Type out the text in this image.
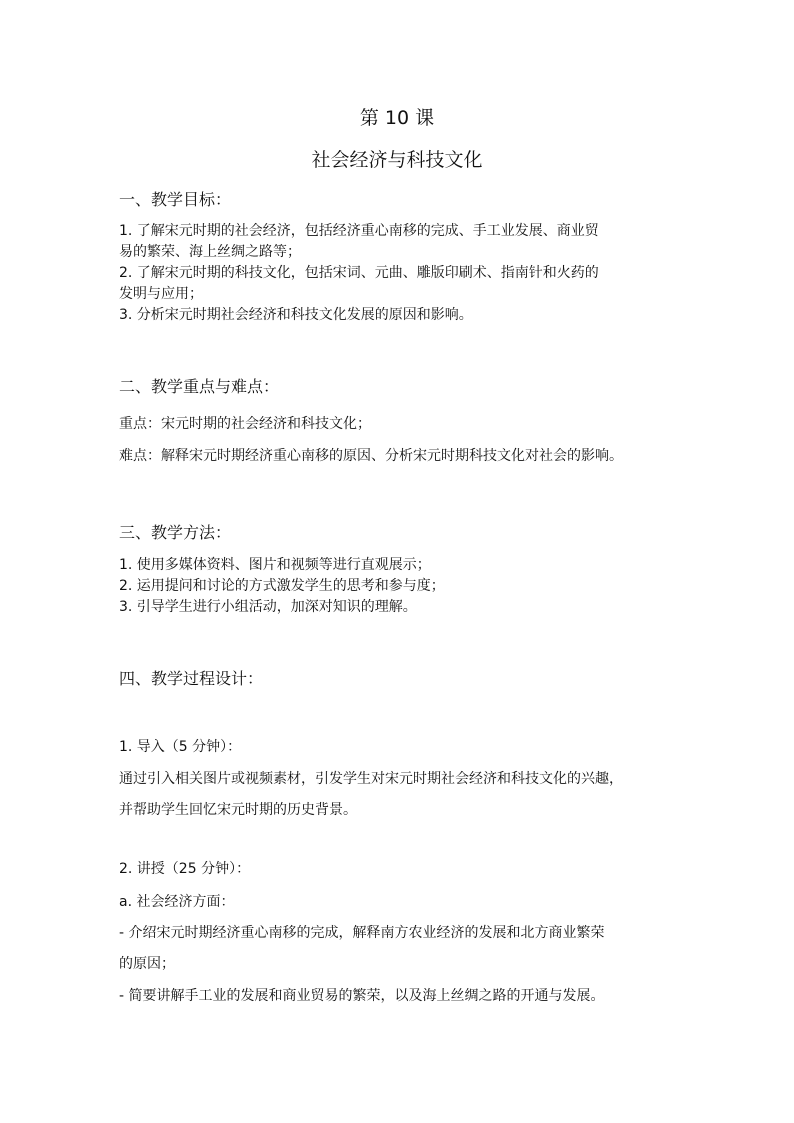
第 10 课
社会经济与科技文化
一、教学目标：
1. 了解宋元时期的社会经济，包括经济重心南移的完成、手工业发展、商业贸
易的繁荣、海上丝绸之路等；
2. 了解宋元时期的科技文化，包括宋词、元曲、雕版印刷术、指南针和火药的
发明与应用；
3. 分析宋元时期社会经济和科技文化发展的原因和影响。
二、教学重点与难点：
重点：宋元时期的社会经济和科技文化；
难点：解释宋元时期经济重心南移的原因、分析宋元时期科技文化对社会的影响。
三、教学方法：
1. 使用多媒体资料、图片和视频等进行直观展示；
2. 运用提问和讨论的方式激发学生的思考和参与度；
3. 引导学生进行小组活动，加深对知识的理解。
四、教学过程设计：
1. 导入（5 分钟）：
通过引入相关图片或视频素材，引发学生对宋元时期社会经济和科技文化的兴趣，
并帮助学生回忆宋元时期的历史背景。
2. 讲授（25 分钟）：
a. 社会经济方面：
- 介绍宋元时期经济重心南移的完成，解释南方农业经济的发展和北方商业繁荣
的原因；
- 简要讲解手工业的发展和商业贸易的繁荣，以及海上丝绸之路的开通与发展。
